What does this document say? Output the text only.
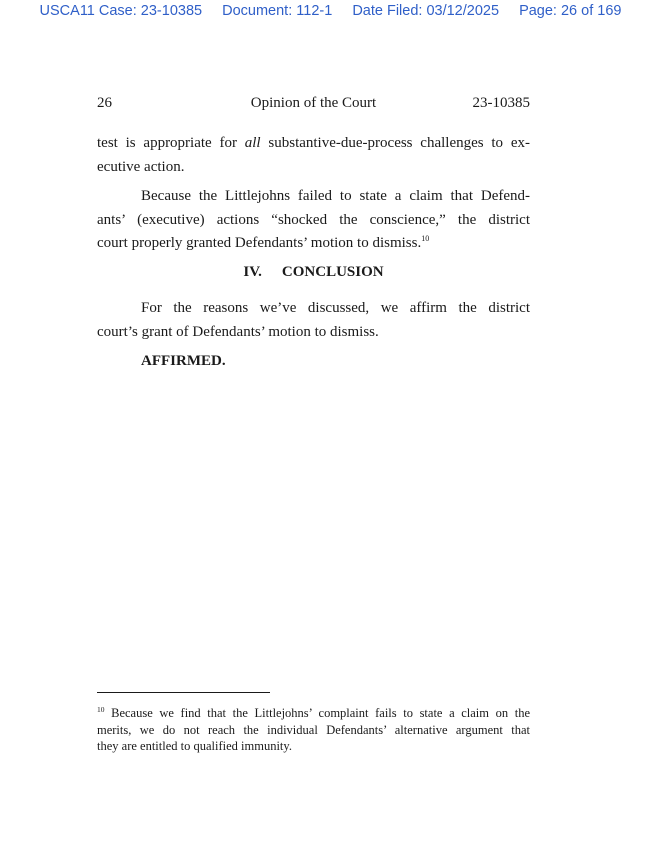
USCA11 Case: 23-10385 Document: 112-1 Date Filed: 03/12/2025 Page: 26 of 169
26	Opinion of the Court	23-10385
test is appropriate for all substantive-due-process challenges to ex-
ecutive action.
Because the Littlejohns failed to state a claim that Defend-
ants’ (executive) actions “shocked the conscience,” the district
court properly granted Defendants’ motion to dismiss.$^{10}$
IV. CONCLUSION
For the reasons we’ve discussed, we affirm the district
court’s grant of Defendants’ motion to dismiss.
AFFIRMED.
$^{10}$ Because we find that the Littlejohns’ complaint fails to state a claim on the
merits, we do not reach the individual Defendants’ alternative argument that
they are entitled to qualified immunity.
